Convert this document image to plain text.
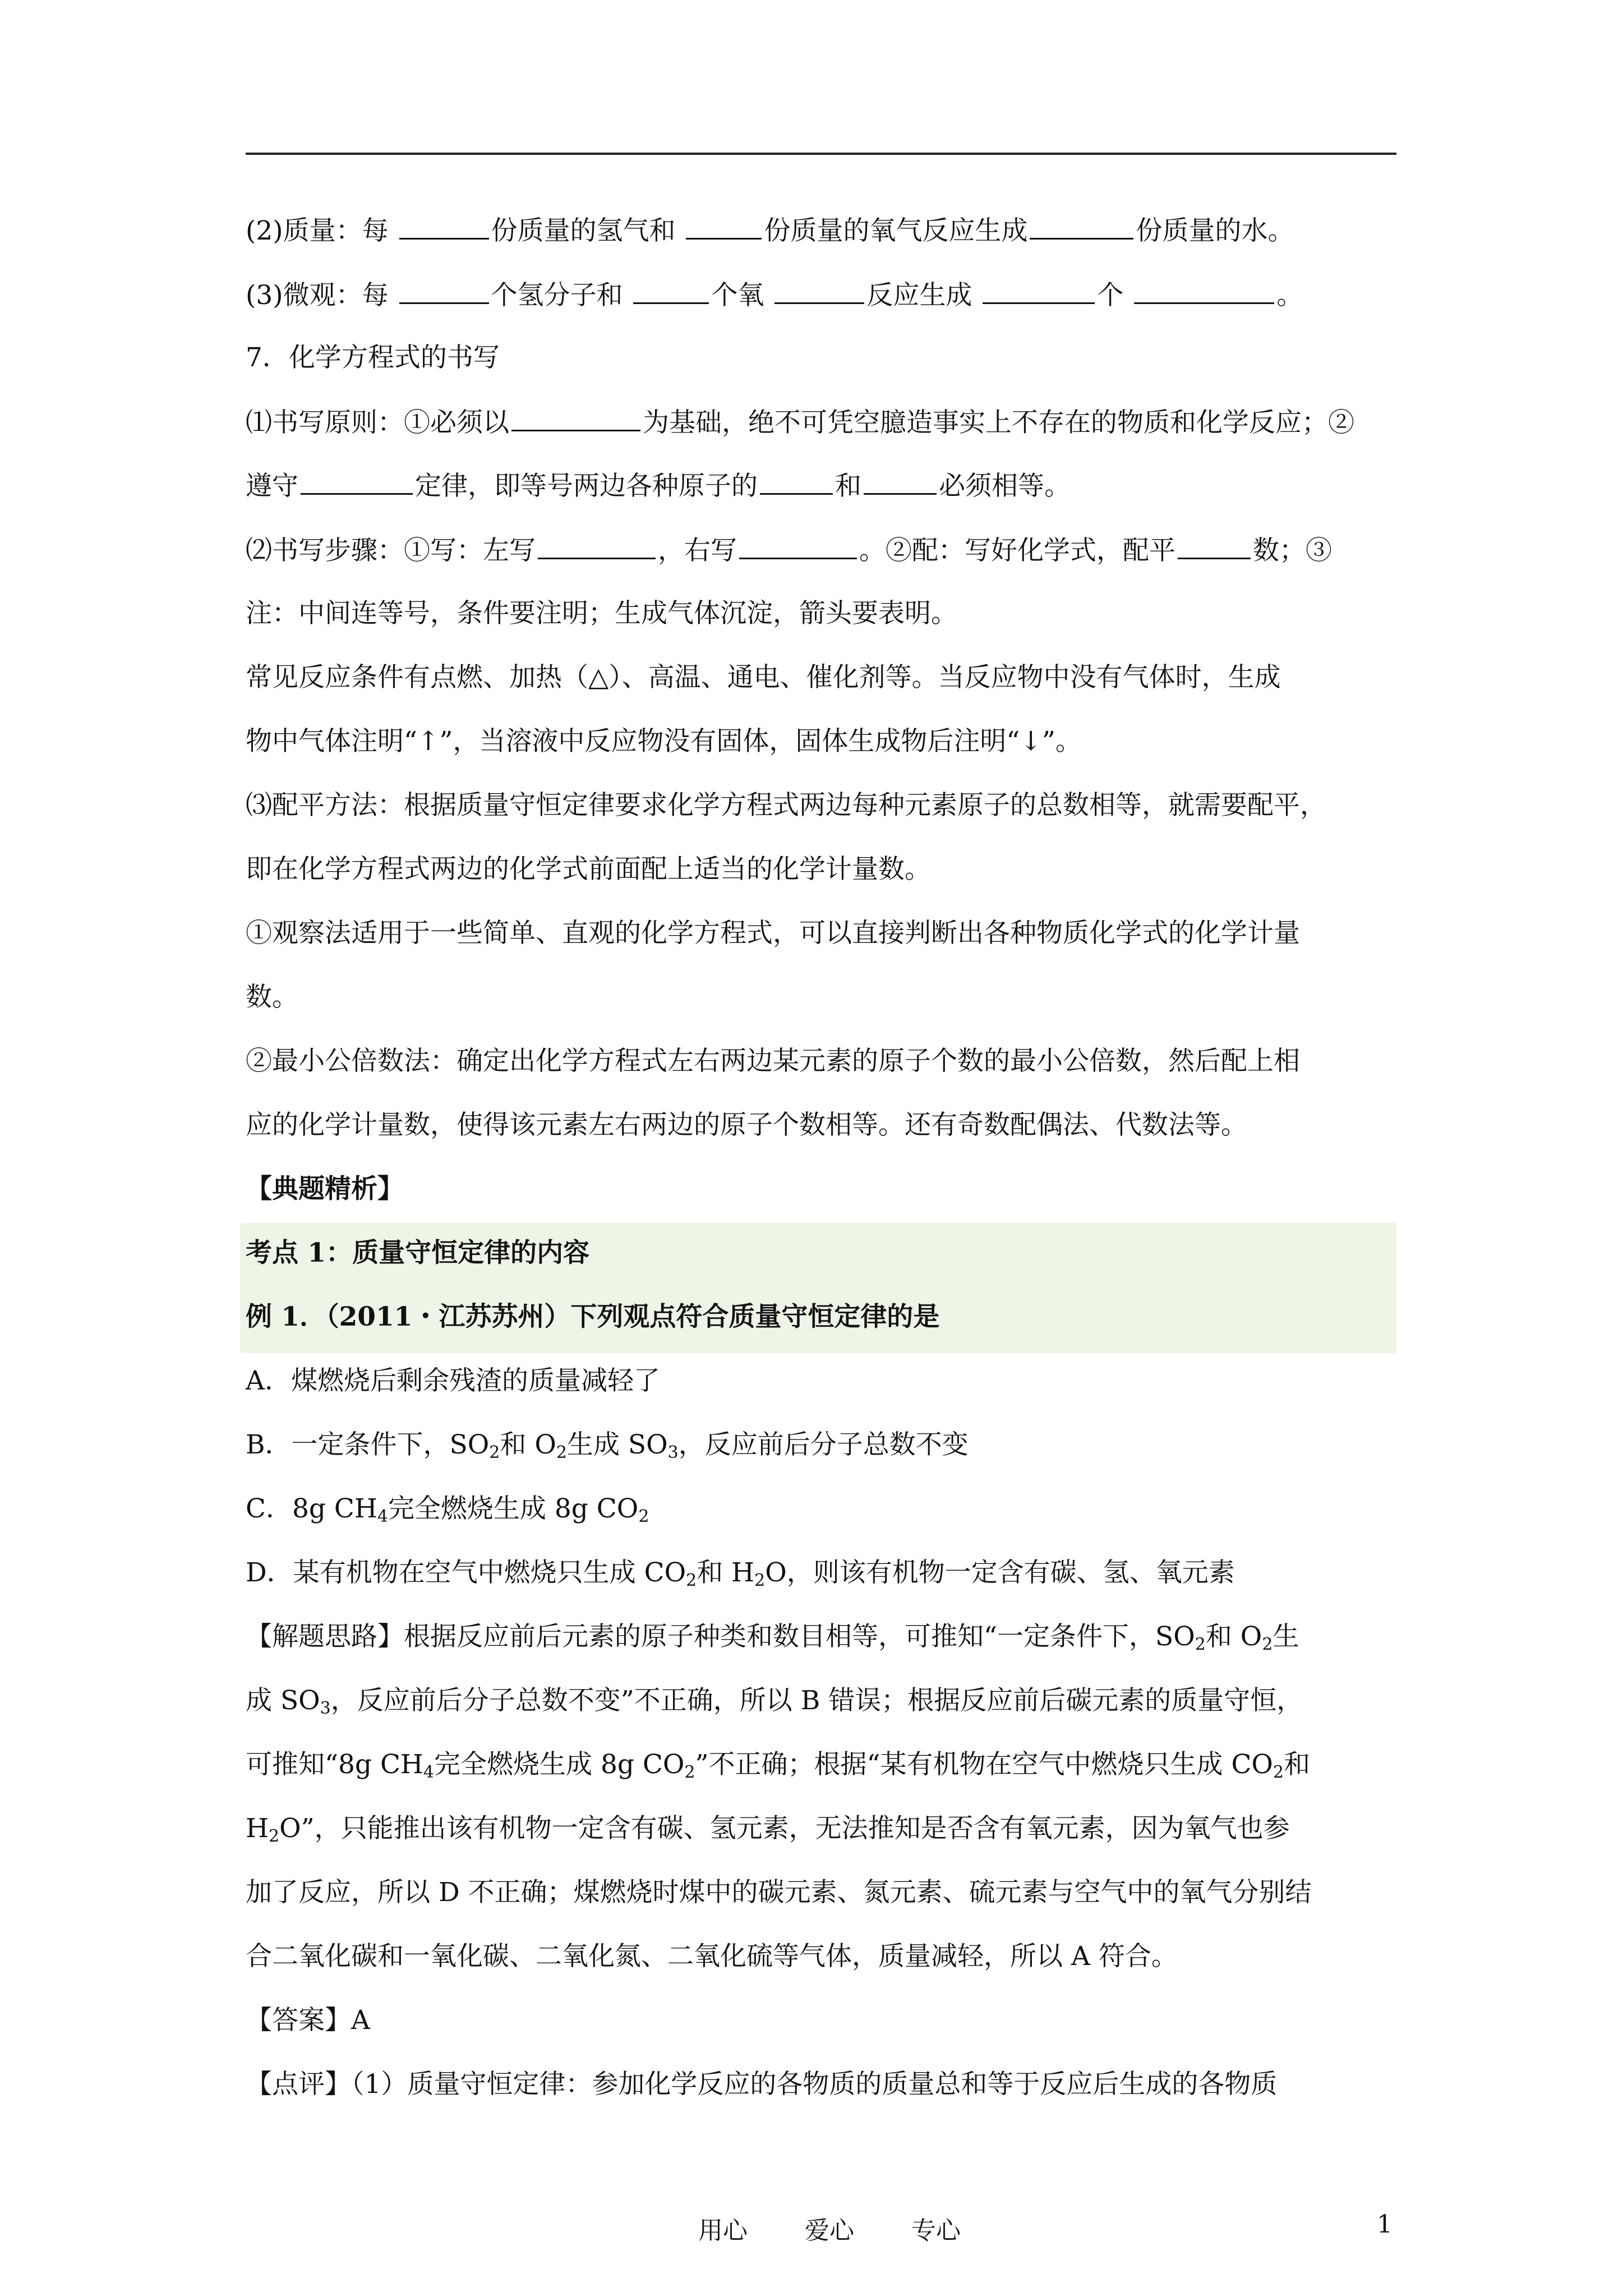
(2)质量：每	份质量的氢气和	份质量的氧气反应生成	份质量的水。
(3)微观：每	个氢分子和	个氧	反应生成	个	。
7．化学方程式的书写
⑴书写原则：①必须以	为基础，绝不可凭空臆造事实上不存在的物质和化学反应；②
遵守	定律，即等号两边各种原子的	和	必须相等。
⑵书写步骤：①写：左写	，右写	。②配：写好化学式，配平	数；③
注：中间连等号，条件要注明；生成气体沉淀，箭头要表明。
常见反应条件有点燃、加热（△）、高温、通电、催化剂等。当反应物中没有气体时，生成
物中气体注明“↑”，当溶液中反应物没有固体，固体生成物后注明“↓”。
⑶配平方法：根据质量守恒定律要求化学方程式两边每种元素原子的总数相等，就需要配平，
即在化学方程式两边的化学式前面配上适当的化学计量数。
①观察法适用于一些简单、直观的化学方程式，可以直接判断出各种物质化学式的化学计量
数。
②最小公倍数法：确定出化学方程式左右两边某元素的原子个数的最小公倍数，然后配上相
应的化学计量数，使得该元素左右两边的原子个数相等。还有奇数配偶法、代数法等。
【典题精析】
考点 1：质量守恒定律的内容
例 1．（2011・江苏苏州）下列观点符合质量守恒定律的是
A．煤燃烧后剩余残渣的质量减轻了
B．一定条件下，$SO_2$和 $O_2$生成 $SO_3$，反应前后分子总数不变
C．8g $CH_4$完全燃烧生成 8g $CO_2$
D．某有机物在空气中燃烧只生成 $CO_2$和 $H_2O$，则该有机物一定含有碳、氢、氧元素
【解题思路】根据反应前后元素的原子种类和数目相等，可推知“一定条件下，$SO_2$和 $O_2$生
成 $SO_3$，反应前后分子总数不变”不正确，所以 B 错误；根据反应前后碳元素的质量守恒，
可推知“8g $CH_4$完全燃烧生成 8g $CO_2$”不正确；根据“某有机物在空气中燃烧只生成 $CO_2$和
$H_2O$”，只能推出该有机物一定含有碳、氢元素，无法推知是否含有氧元素，因为氧气也参
加了反应，所以 D 不正确；煤燃烧时煤中的碳元素、氮元素、硫元素与空气中的氧气分别结
合二氧化碳和一氧化碳、二氧化氮、二氧化硫等气体，质量减轻，所以 A 符合。
【答案】A
【点评】（1）质量守恒定律：参加化学反应的各物质的质量总和等于反应后生成的各物质
用心 爱心 专心	1
